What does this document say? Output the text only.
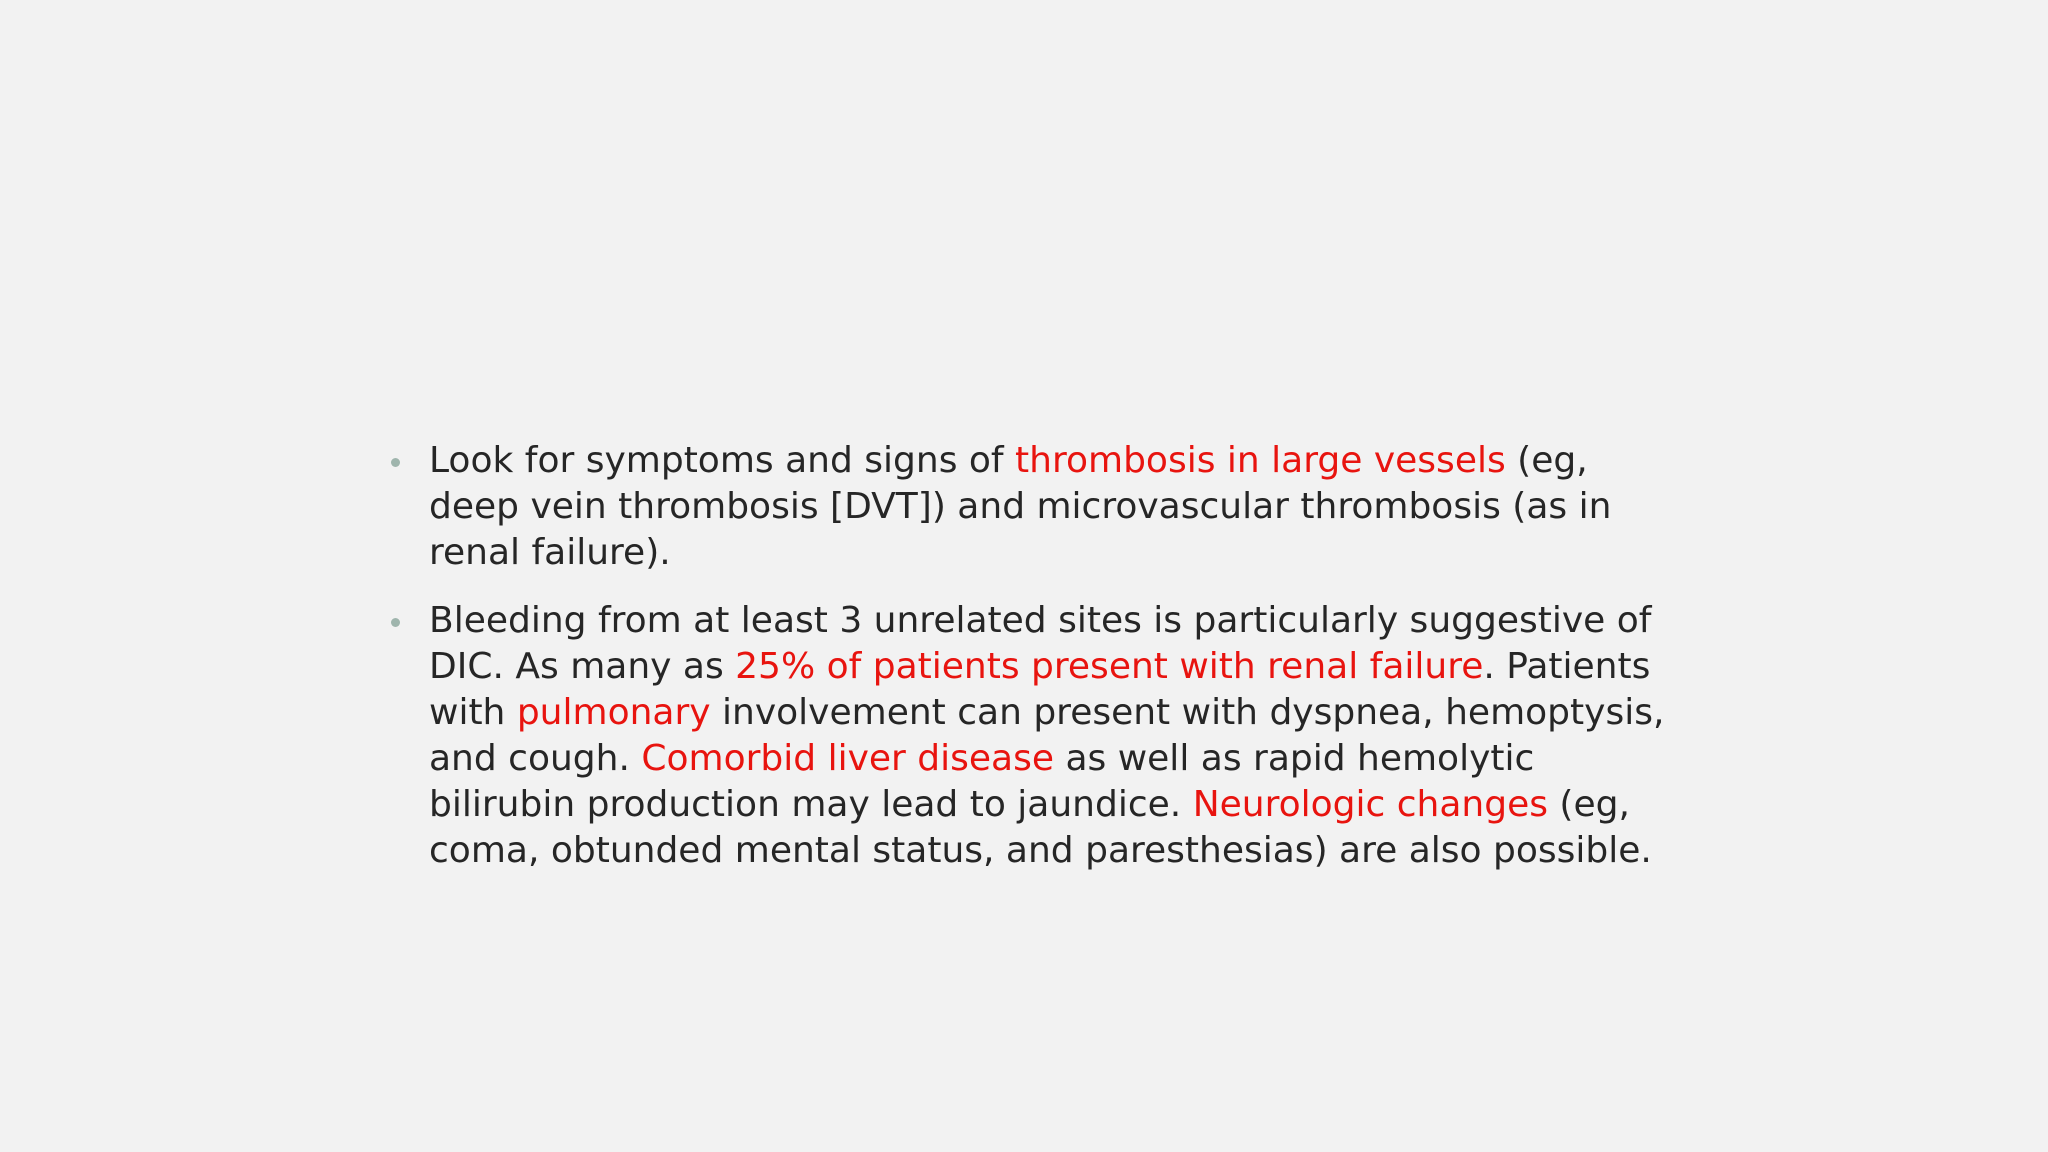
Look for symptoms and signs of thrombosis in large vessels (eg, deep vein thrombosis [DVT]) and microvascular thrombosis (as in renal failure).
Bleeding from at least 3 unrelated sites is particularly suggestive of DIC. As many as 25% of patients present with renal failure. Patients with pulmonary involvement can present with dyspnea, hemoptysis, and cough. Comorbid liver disease as well as rapid hemolytic bilirubin production may lead to jaundice. Neurologic changes (eg, coma, obtunded mental status, and paresthesias) are also possible.
